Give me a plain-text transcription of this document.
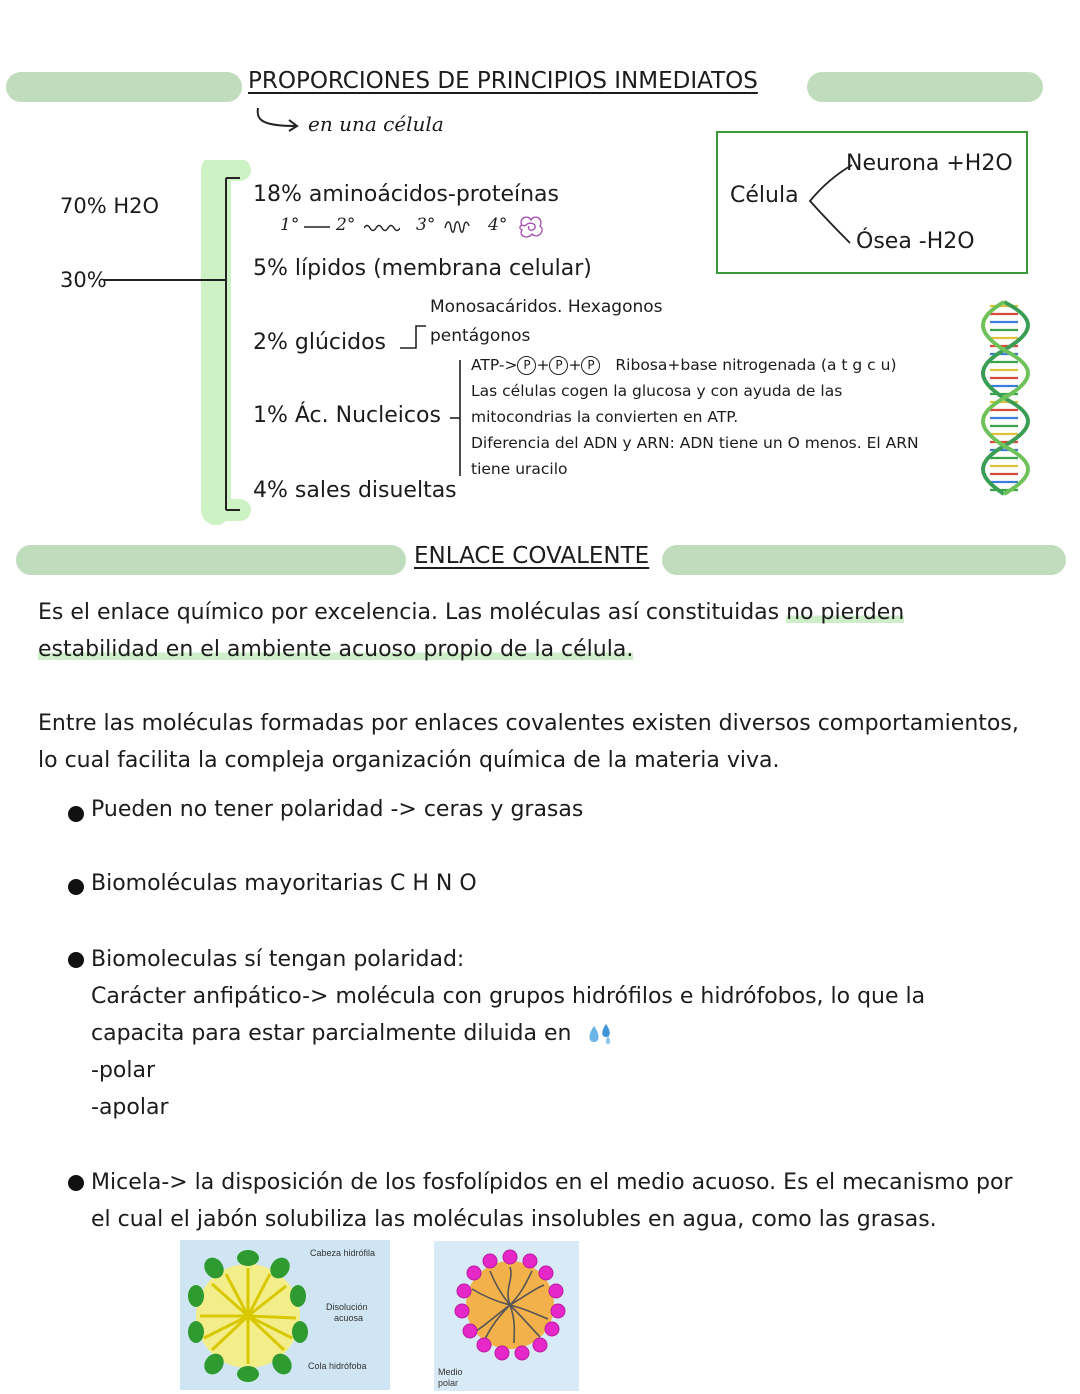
PROPORCIONES DE PRINCIPIOS INMEDIATOS
en una célula
70% H2O
30%
18% aminoácidos-proteínas
1° 2°	3°	4°
5% lípidos (membrana celular)
Monosacáridos. Hexagonos
2% glúcidos	pentágonos
1% Ác. Nucleicos
ATP-> P + P + P Ribosa+base nitrogenada (a t g c u)
Las células cogen la glucosa y con ayuda de las
mitocondrias la convierten en ATP.
Diferencia del ADN y ARN: ADN tiene un O menos. El ARN
tiene uracilo
4% sales disueltas
Célula
Neurona +H2O
Ósea -H2O
ENLACE COVALENTE
Es el enlace químico por excelencia. Las moléculas así constituidas no pierden
estabilidad en el ambiente acuoso propio de la célula.
Entre las moléculas formadas por enlaces covalentes existen diversos comportamientos,
lo cual facilita la compleja organización química de la materia viva.
Pueden no tener polaridad -> ceras y grasas
Biomoléculas mayoritarias C H N O
Biomoleculas sí tengan polaridad:
Carácter anfipático-> molécula con grupos hidrófilos e hidrófobos, lo que la
capacita para estar parcialmente diluida en
-polar
-apolar
Micela-> la disposición de los fosfolípidos en el medio acuoso. Es el mecanismo por
el cual el jabón solubiliza las moléculas insolubles en agua, como las grasas.
Cabeza hidrófila
Disolución
acuosa
Cola hidrófoba
Medio
polar
